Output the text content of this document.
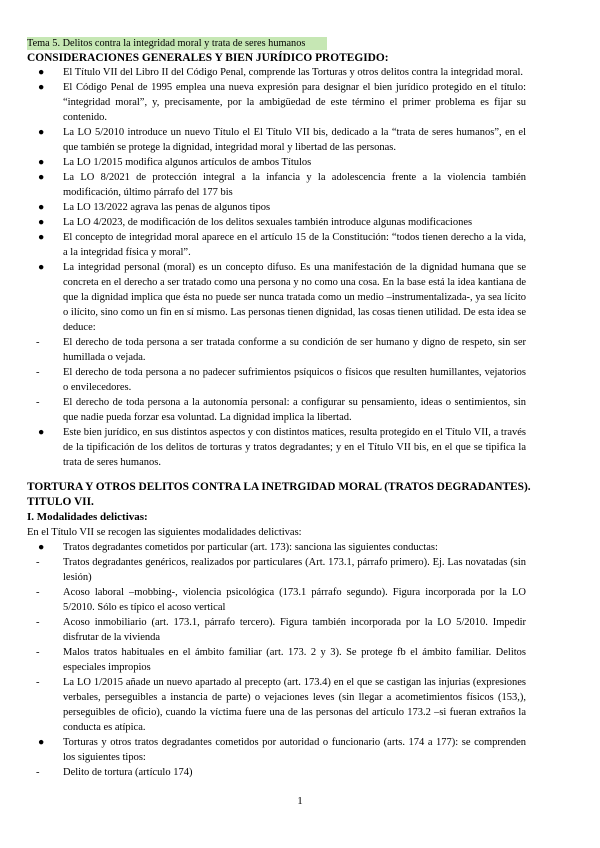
Tema 5. Delitos contra la integridad moral y trata de seres humanos
CONSIDERACIONES GENERALES Y BIEN JURÍDICO PROTEGIDO:
●	El Título VII del Libro II del Código Penal, comprende las Torturas y otros delitos contra la integridad moral.
●	El Código Penal de 1995 emplea una nueva expresión para designar el bien jurídico protegido en el título: “integridad moral”, y, precisamente, por la ambigüedad de este término el primer problema es fijar su contenido.
●	La LO 5/2010 introduce un nuevo Título el El Título VII bis, dedicado a la “trata de seres humanos”, en el que también se protege la dignidad, integridad moral y libertad de las personas.
●	La LO 1/2015 modifica algunos artículos de ambos Títulos
●	La LO 8/2021 de protección integral a la infancia y la adolescencia frente a la violencia también modificación, último párrafo del 177 bis
●	La LO 13/2022 agrava las penas de algunos tipos
●	La LO 4/2023, de modificación de los delitos sexuales también introduce algunas modificaciones
●	El concepto de integridad moral aparece en el artículo 15 de la Constitución: “todos tienen derecho a la vida, a la integridad física y moral”.
●	La integridad personal (moral) es un concepto difuso. Es una manifestación de la dignidad humana que se concreta en el derecho a ser tratado como una persona y no como una cosa. En la base está la idea kantiana de que la dignidad implica que ésta no puede ser nunca tratada como un medio –instrumentalizada-, ya sea lícito o ilícito, sino como un fin en sí mismo. Las personas tienen dignidad, las cosas tienen utilidad. De esta idea se deduce:
-	El derecho de toda persona a ser tratada conforme a su condición de ser humano y digno de respeto, sin ser humillada o vejada.
-	El derecho de toda persona a no padecer sufrimientos psíquicos o físicos que resulten humillantes, vejatorios o envilecedores.
-	El derecho de toda persona a la autonomía personal: a configurar su pensamiento, ideas o sentimientos, sin que nadie pueda forzar esa voluntad. La dignidad implica la libertad.
●	Este bien jurídico, en sus distintos aspectos y con distintos matices, resulta protegido en el Título VII, a través de la tipificación de los delitos de torturas y tratos degradantes; y en el Título VII bis, en el que se tipifica la trata de seres humanos.
TORTURA Y OTROS DELITOS CONTRA LA INETRGIDAD MORAL (TRATOS DEGRADANTES).
TITULO VII.
I. Modalidades delictivas:
En el Título VII se recogen las siguientes modalidades delictivas:
●	Tratos degradantes cometidos por particular (art. 173): sanciona las siguientes conductas:
-	Tratos degradantes genéricos, realizados por particulares (Art. 173.1, párrafo primero). Ej. Las novatadas (sin lesión)
-	Acoso laboral –mobbing-, violencia psicológica (173.1 párrafo segundo). Figura incorporada por la LO 5/2010. Sólo es típico el acoso vertical
-	Acoso inmobiliario (art. 173.1, párrafo tercero). Figura también incorporada por la LO 5/2010. Impedir disfrutar de la vivienda
-	Malos tratos habituales en el ámbito familiar (art. 173. 2 y 3). Se protege fb el ámbito familiar. Delitos especiales impropios
-	La LO 1/2015 añade un nuevo apartado al precepto (art. 173.4) en el que se castigan las injurias (expresiones verbales, perseguibles a instancia de parte) o vejaciones leves (sin llegar a acometimientos físicos (153,), perseguibles de oficio), cuando la víctima fuere una de las personas del artículo 173.2 –si fueran extraños la conducta es atípica.
●	Torturas y otros tratos degradantes cometidos por autoridad o funcionario (arts. 174 a 177): se comprenden los siguientes tipos:
-	Delito de tortura (artículo 174)
1
